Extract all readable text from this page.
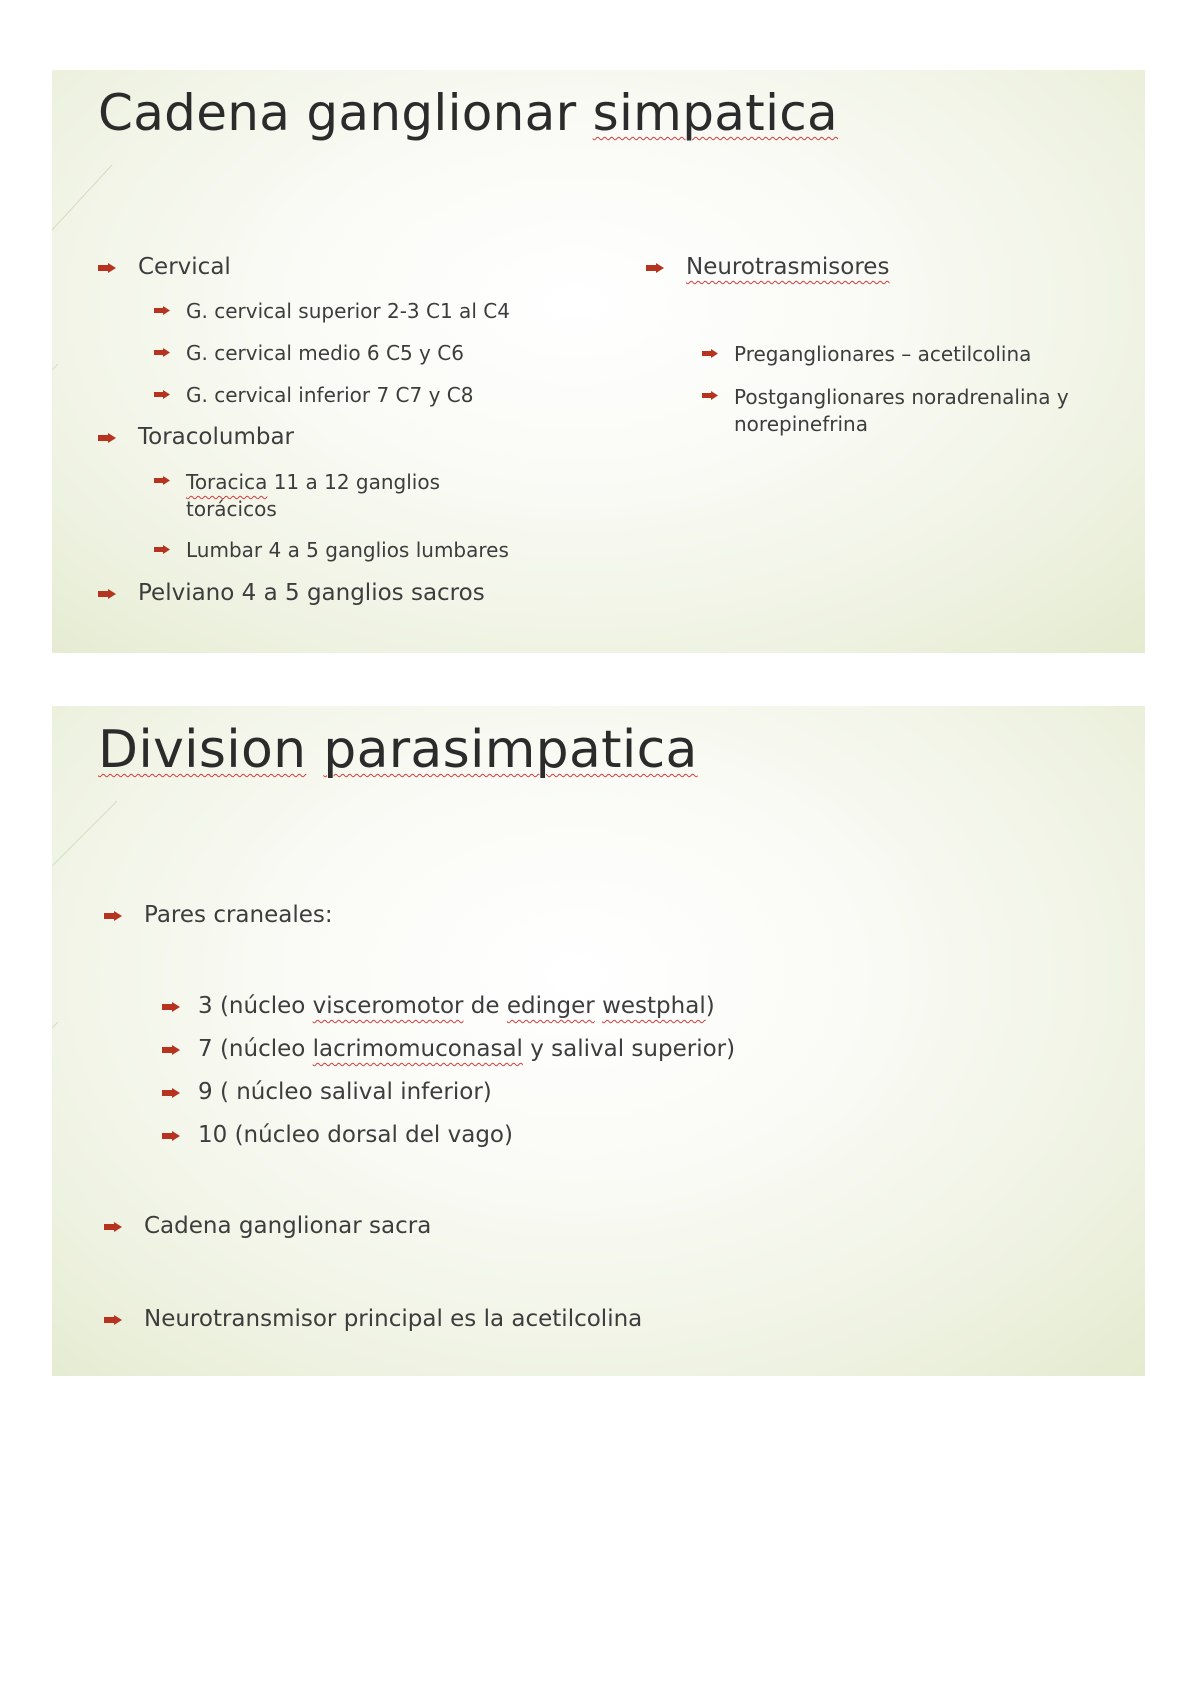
Cadena ganglionar simpatica
Cervical
G. cervical superior 2-3 C1 al C4
G. cervical medio 6 C5 y C6
G. cervical inferior 7 C7 y C8
Toracolumbar
Toracica 11 a 12 ganglios
torácicos
Lumbar 4 a 5 ganglios lumbares
Pelviano 4 a 5 ganglios sacros
Neurotrasmisores
Preganglionares – acetilcolina
Postganglionares noradrenalina y
norepinefrina
Division parasimpatica
Pares craneales:
3 (núcleo visceromotor de edinger westphal)
7 (núcleo lacrimomuconasal y salival superior)
9 ( núcleo salival inferior)
10 (núcleo dorsal del vago)
Cadena ganglionar sacra
Neurotransmisor principal es la acetilcolina
